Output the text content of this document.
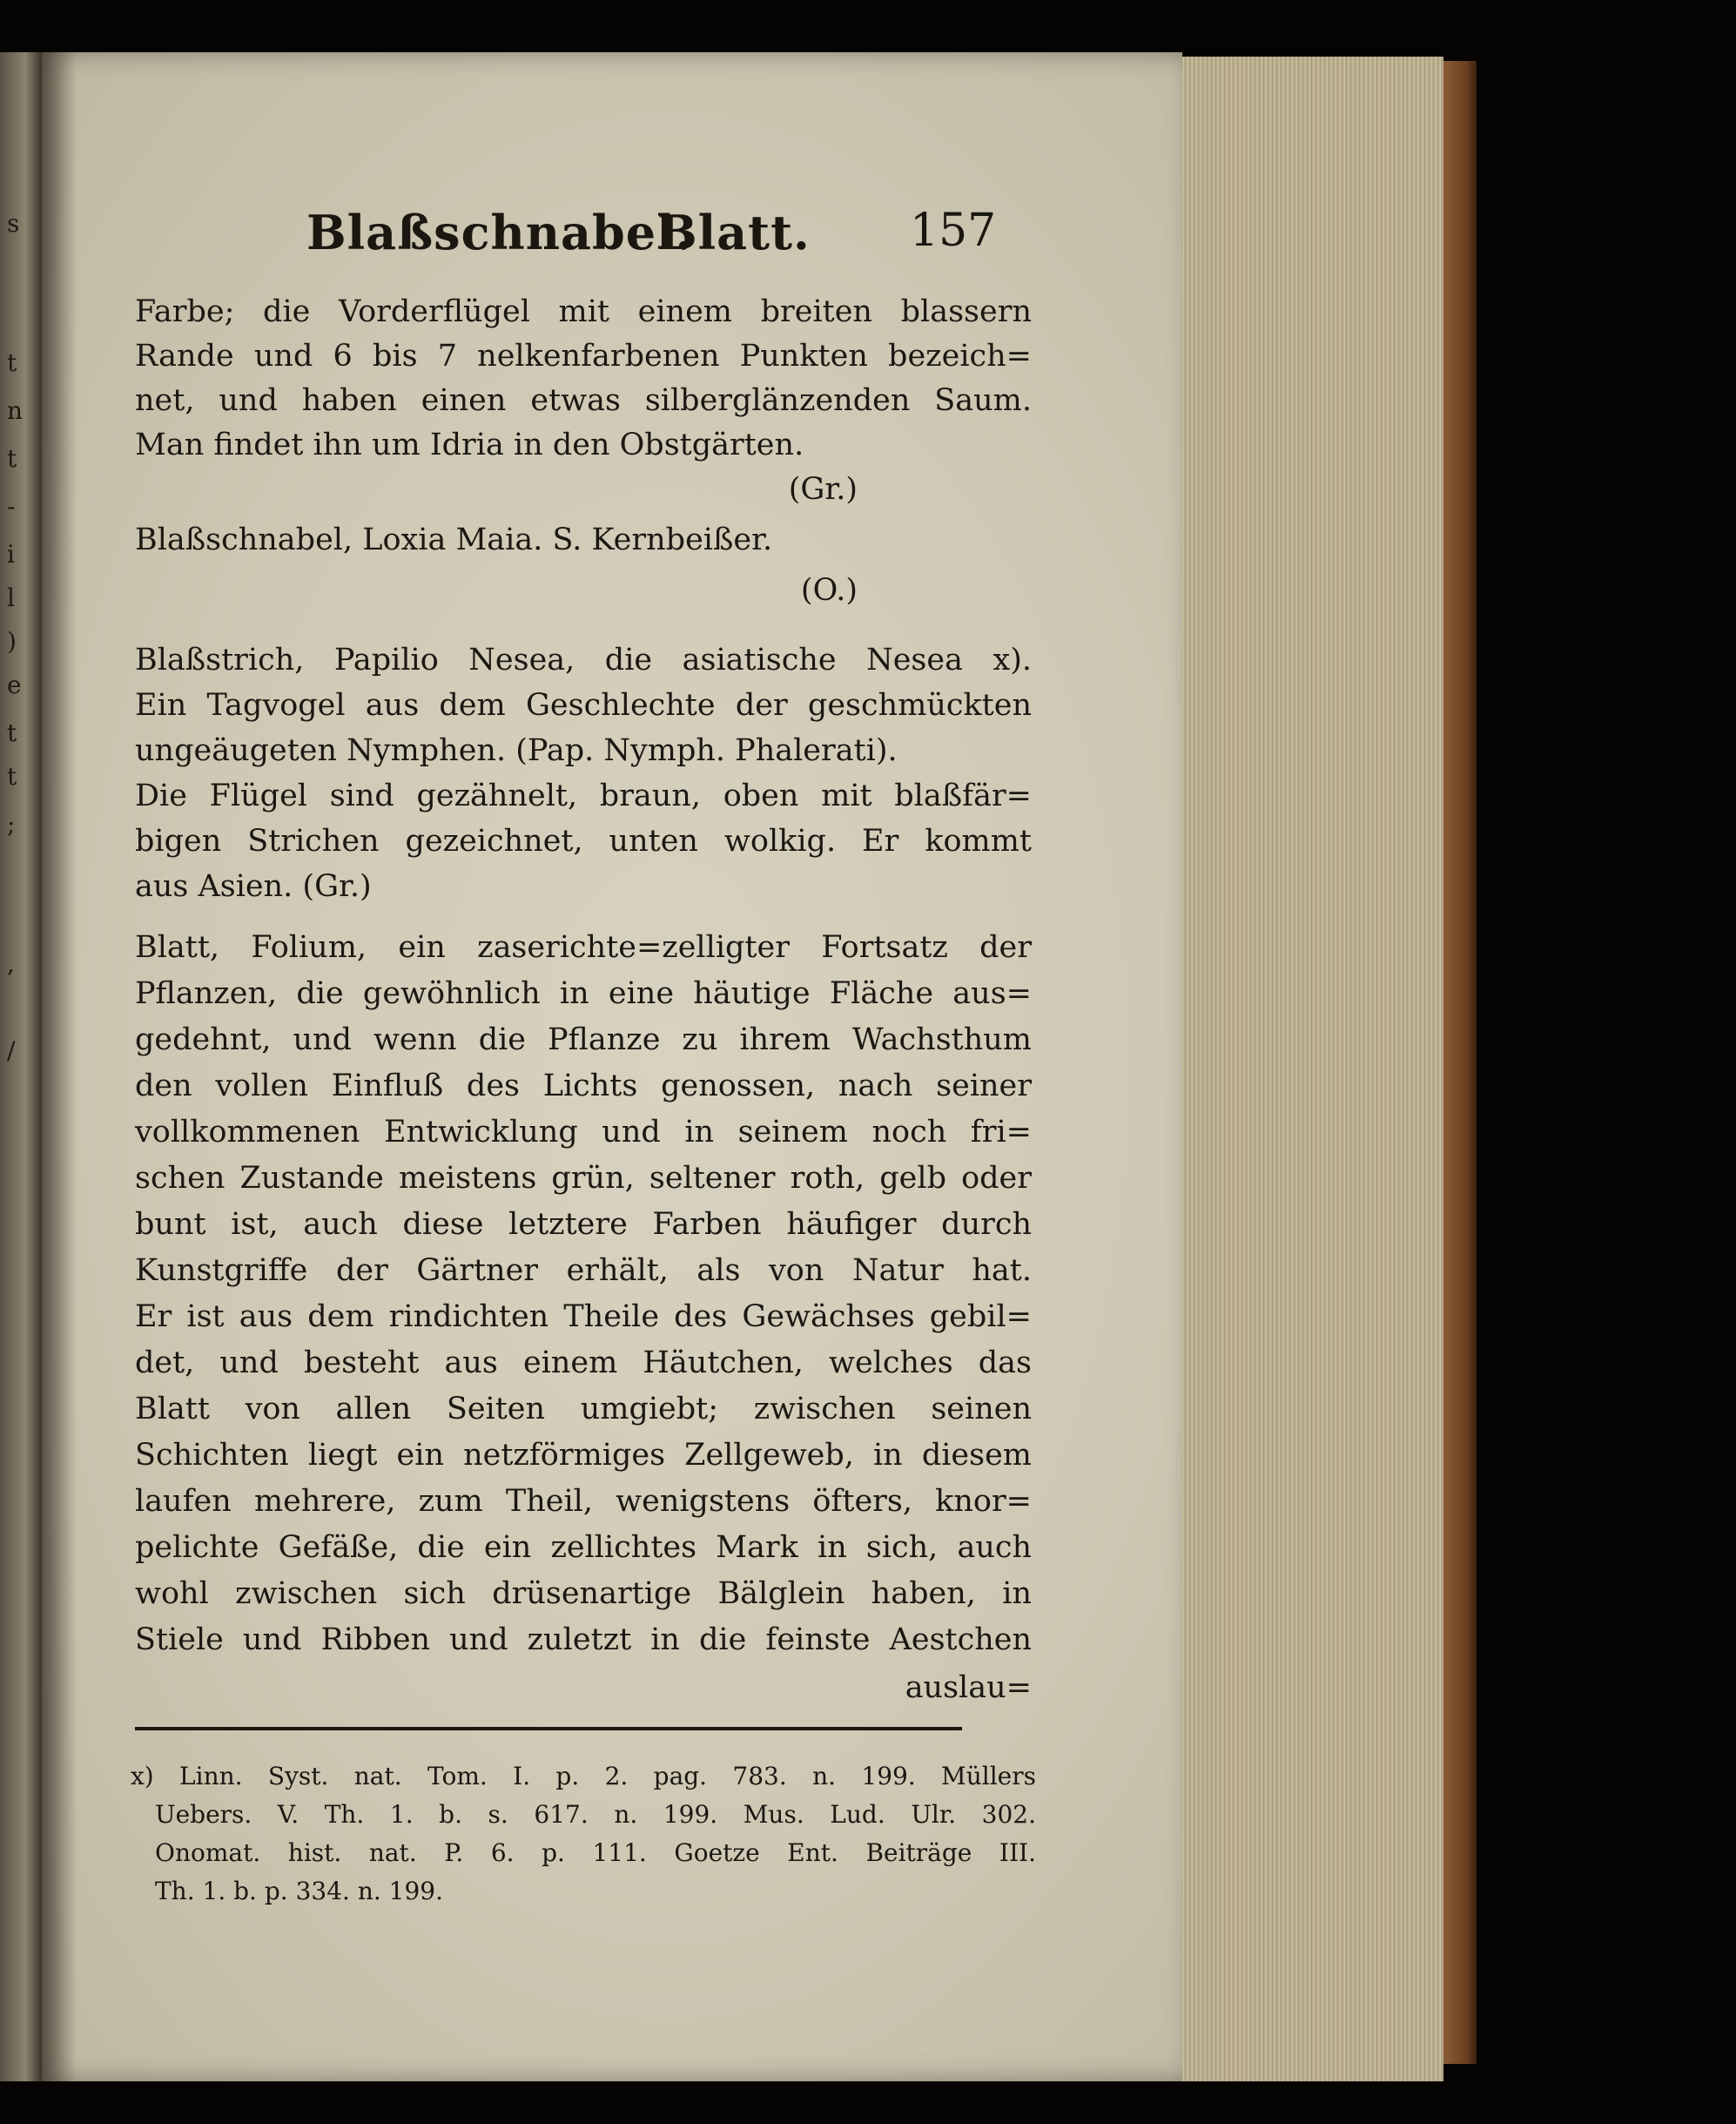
s
t
n
t
-
i
l
)
e
t
t
;
,
/
Blaßschnabel.
Blatt. 157
Farbe; die Vorderflügel mit einem breiten blassern
Rande und 6 bis 7 nelkenfarbenen Punkten bezeich=
net, und haben einen etwas silberglänzenden Saum.
Man findet ihn um Idria in den Obstgärten.
(Gr.)
Blaßschnabel, Loxia Maia. S. Kernbeißer.
(O.)
Blaßstrich, Papilio Nesea, die asiatische Nesea x).
Ein Tagvogel aus dem Geschlechte der geschmückten
ungeäugeten Nymphen. (Pap. Nymph. Phalerati).
Die Flügel sind gezähnelt, braun, oben mit blaßfär=
bigen Strichen gezeichnet, unten wolkig. Er kommt
aus Asien. (Gr.)
Blatt, Folium, ein zaserichte=zelligter Fortsatz der
Pflanzen, die gewöhnlich in eine häutige Fläche aus=
gedehnt, und wenn die Pflanze zu ihrem Wachsthum
den vollen Einfluß des Lichts genossen, nach seiner
vollkommenen Entwicklung und in seinem noch fri=
schen Zustande meistens grün, seltener roth, gelb oder
bunt ist, auch diese letztere Farben häufiger durch
Kunstgriffe der Gärtner erhält, als von Natur hat.
Er ist aus dem rindichten Theile des Gewächses gebil=
det, und besteht aus einem Häutchen, welches das
Blatt von allen Seiten umgiebt; zwischen seinen
Schichten liegt ein netzförmiges Zellgeweb, in diesem
laufen mehrere, zum Theil, wenigstens öfters, knor=
pelichte Gefäße, die ein zellichtes Mark in sich, auch
wohl zwischen sich drüsenartige Bälglein haben, in
Stiele und Ribben und zuletzt in die feinste Aestchen
auslau=
x) Linn. Syst. nat. Tom. I. p. 2. pag. 783. n. 199. Müllers
Uebers. V. Th. 1. b. s. 617. n. 199. Mus. Lud. Ulr. 302.
Onomat. hist. nat. P. 6. p. 111. Goetze Ent. Beiträge III.
Th. 1. b. p. 334. n. 199.
